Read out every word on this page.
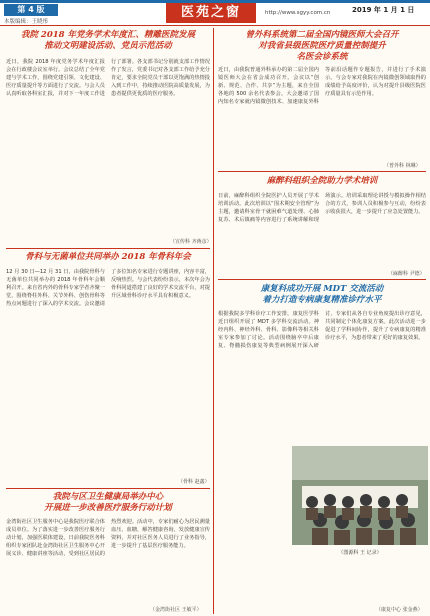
第 4 版
本版编辑：王晓彤
医苑之窗	http://www.sgyy.com.cn	2019 年 1 月 1 日
我院 2018 年党务学术年度汇、精雕医院发展
推动文明建设活动、党员示范活动
近日，我院 2018 年度党务学术年度汇报会在行政楼会议室举行。会议总结了全年党建与学术工作，围绕党建引领、文化建设、医疗质量提升等方面进行了交流。与会人员认真听取各科室汇报，并对下一年度工作进行了部署。各支部书记分别就支部工作情况作了发言，党委书记对各支部工作给予充分肯定，要求全院党员干部以更饱满的热情投入到工作中，持续推动医院高质量发展，为患者提供更优质的医疗服务。
（宣传科 齐蒋彦）
骨科与无菌单位共同举办 2018 年骨科年会
12 月 30 日—12 月 31 日，由我院骨科与无菌单位共同举办的 2018 年骨科年会顺利召开。来自省内外的骨科专家学者齐聚一堂，围绕脊柱外科、关节外科、创伤骨科等热点问题进行了深入的学术交流。会议邀请了多位知名专家进行专题讲座，内容丰富，反响热烈。与会代表纷纷表示，本次年会为骨科同道搭建了良好的学术交流平台，对提升区域骨科诊疗水平具有积极意义。
（骨科 赵鑫）
我院与区卫生健康局举办中心
开展进一步改善医疗服务行动计划
金湾街社区卫生服务中心是我院医疗联合体成员单位。为了落实进一步改善医疗服务行动计划，加强医联体建设，日前我院医务科组织专家团队赴金湾街社区卫生服务中心开展义诊、健康讲座等活动，受到社区居民的热烈欢迎。活动中，专家们耐心为居民测量血压、血糖，解答健康咨询，发放健康宣传资料，并对社区医务人员进行了业务指导，进一步提升了基层医疗服务能力。
（金湾街社区 王敏平）
曾外科系统第二届全国内镜医师大会召开
对我省县级医院医疗质量控制提升
名医会诊系统
近日，由我院普通外科承办的第二届全国内镜医师大会在省会成功召开。会议以“创新、规范、合作、共享”为主题，来自全国各地的 500 余名代表参会。大会邀请了国内知名专家就内镜微创技术、加速康复外科等前沿话题作专题报告，并进行了手术演示。与会专家对我院在内镜微创领域取得的成绩给予高度评价，认为对提升县级医院医疗质量具有示范作用。
（普外科 林琳）
麻醉科组织全院助力学术培训
日前，麻醉科组织全院医护人员开展了学术培训活动。此次培训以“围术期安全管理”为主题，邀请科室骨干就困难气道处理、心肺复苏、术后镇痛等内容进行了系统讲解和现场演示。培训采取理论讲授与模拟操作相结合的方式，参训人员积极参与互动，纷纷表示收获很大，进一步提升了应急处置能力。
（麻醉科 尹德）
康复科成功开展 MDT 交流活动
着力打造专病康复精准诊疗水平
根据我院多学科诊疗工作安排，康复医学科近日组织开展了 MDT 多学科交流活动。神经内科、神经外科、骨科、影像科等相关科室专家参加了讨论。活动围绕脑卒中后康复、脊髓损伤康复等典型病例展开深入研讨，专家们从各自专业角度提出诊疗意见，共同制定个体化康复方案。此次活动进一步促进了学科间协作，提升了专病康复的精准诊疗水平，为患者带来了更好的康复效果。
（康复中心 张金燕）
（图源科 王 记录）
